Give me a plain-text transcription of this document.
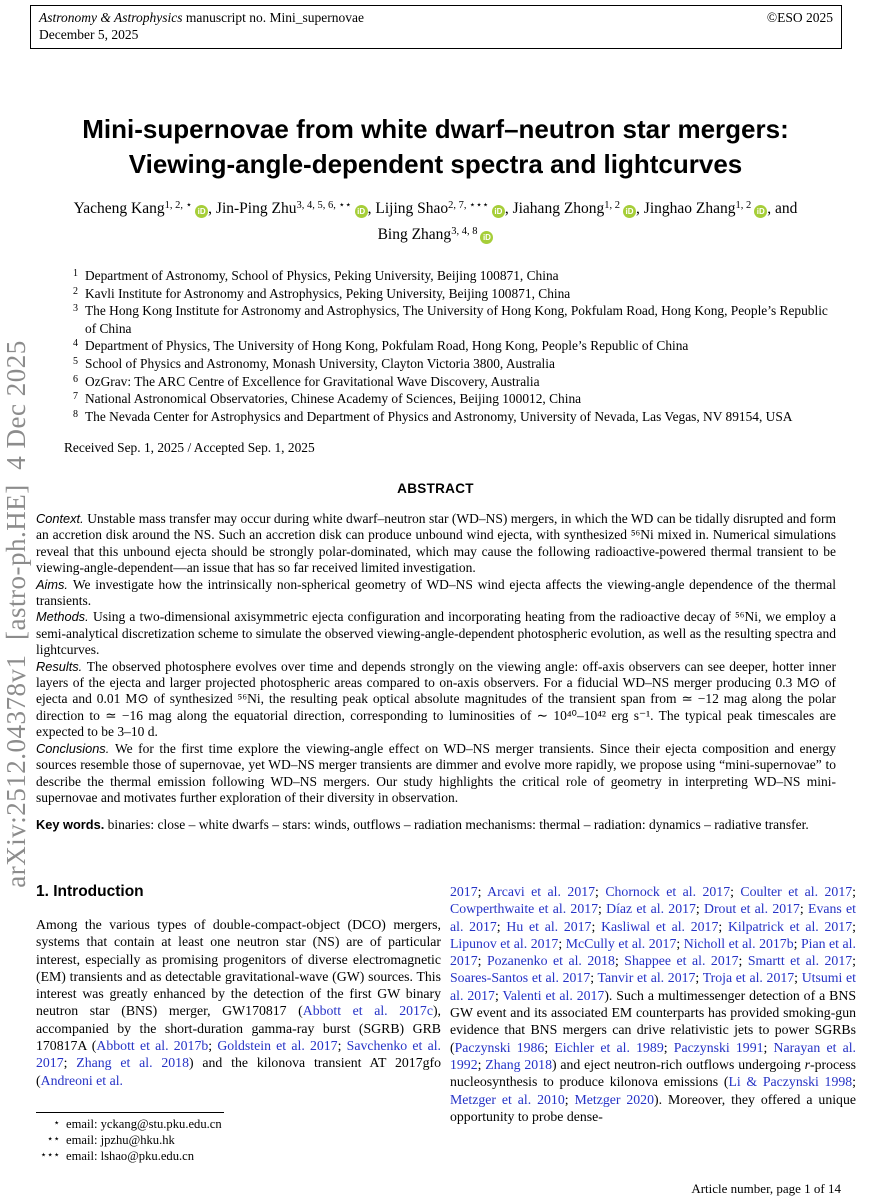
Astronomy & Astrophysics manuscript no. Mini_supernovae	©ESO 2025
December 5, 2025
arXiv:2512.04378v1  [astro-ph.HE]  4 Dec 2025
Mini-supernovae from white dwarf–neutron star mergers:
Viewing-angle-dependent spectra and lightcurves
Yacheng Kang$^{1, 2, ⋆}$iD , Jin-Ping Zhu$^{3, 4, 5, 6, ⋆⋆}$iD , Lijing Shao$^{2, 7, ⋆⋆⋆}$iD , Jiahang Zhong$^{1, 2}$iD , Jinghao Zhang$^{1, 2}$iD , and
Bing Zhang$^{3, 4, 8}$iD
1 Department of Astronomy, School of Physics, Peking University, Beijing 100871, China
2 Kavli Institute for Astronomy and Astrophysics, Peking University, Beijing 100871, China
3 The Hong Kong Institute for Astronomy and Astrophysics, The University of Hong Kong, Pokfulam Road, Hong Kong, People’s Republic of China
4 Department of Physics, The University of Hong Kong, Pokfulam Road, Hong Kong, People’s Republic of China
5 School of Physics and Astronomy, Monash University, Clayton Victoria 3800, Australia
6 OzGrav: The ARC Centre of Excellence for Gravitational Wave Discovery, Australia
7 National Astronomical Observatories, Chinese Academy of Sciences, Beijing 100012, China
8 The Nevada Center for Astrophysics and Department of Physics and Astronomy, University of Nevada, Las Vegas, NV 89154, USA
Received Sep. 1, 2025 / Accepted Sep. 1, 2025
ABSTRACT
Context. Unstable mass transfer may occur during white dwarf–neutron star (WD–NS) mergers, in which the WD can be tidally disrupted and form an accretion disk around the NS. Such an accretion disk can produce unbound wind ejecta, with synthesized ⁵⁶Ni mixed in. Numerical simulations reveal that this unbound ejecta should be strongly polar-dominated, which may cause the following radioactive-powered thermal transient to be viewing-angle-dependent—an issue that has so far received limited investigation.
Aims. We investigate how the intrinsically non-spherical geometry of WD–NS wind ejecta affects the viewing-angle dependence of the thermal transients.
Methods. Using a two-dimensional axisymmetric ejecta configuration and incorporating heating from the radioactive decay of ⁵⁶Ni, we employ a semi-analytical discretization scheme to simulate the observed viewing-angle-dependent photospheric evolution, as well as the resulting spectra and lightcurves.
Results. The observed photosphere evolves over time and depends strongly on the viewing angle: off-axis observers can see deeper, hotter inner layers of the ejecta and larger projected photospheric areas compared to on-axis observers. For a fiducial WD–NS merger producing 0.3 M⊙ of ejecta and 0.01 M⊙ of synthesized ⁵⁶Ni, the resulting peak optical absolute magnitudes of the transient span from ≃ −12 mag along the polar direction to ≃ −16 mag along the equatorial direction, corresponding to luminosities of ∼ 10⁴⁰–10⁴² erg s⁻¹. The typical peak timescales are expected to be 3–10 d.
Conclusions. We for the first time explore the viewing-angle effect on WD–NS merger transients. Since their ejecta composition and energy sources resemble those of supernovae, yet WD–NS merger transients are dimmer and evolve more rapidly, we propose using “mini-supernovae” to describe the thermal emission following WD–NS mergers. Our study highlights the critical role of geometry in interpreting WD–NS mini-supernovae and motivates further exploration of their diversity in observation.
Key words. binaries: close – white dwarfs – stars: winds, outflows – radiation mechanisms: thermal – radiation: dynamics – radiative transfer.
1. Introduction
Among the various types of double-compact-object (DCO) mergers, systems that contain at least one neutron star (NS) are of particular interest, especially as promising progenitors of diverse electromagnetic (EM) transients and as detectable gravitational-wave (GW) sources. This interest was greatly enhanced by the detection of the first GW binary neutron star (BNS) merger, GW170817 (Abbott et al. 2017c), accompanied by the short-duration gamma-ray burst (SGRB) GRB 170817A (Abbott et al. 2017b; Goldstein et al. 2017; Savchenko et al. 2017; Zhang et al. 2018) and the kilonova transient AT 2017gfo (Andreoni et al.
2017; Arcavi et al. 2017; Chornock et al. 2017; Coulter et al. 2017; Cowperthwaite et al. 2017; Díaz et al. 2017; Drout et al. 2017; Evans et al. 2017; Hu et al. 2017; Kasliwal et al. 2017; Kilpatrick et al. 2017; Lipunov et al. 2017; McCully et al. 2017; Nicholl et al. 2017b; Pian et al. 2017; Pozanenko et al. 2018; Shappee et al. 2017; Smartt et al. 2017; Soares-Santos et al. 2017; Tanvir et al. 2017; Troja et al. 2017; Utsumi et al. 2017; Valenti et al. 2017). Such a multimessenger detection of a BNS GW event and its associated EM counterparts has provided smoking-gun evidence that BNS mergers can drive relativistic jets to power SGRBs (Paczynski 1986; Eichler et al. 1989; Paczynski 1991; Narayan et al. 1992; Zhang 2018) and eject neutron-rich outflows undergoing r-process nucleosynthesis to produce kilonova emissions (Li & Paczynski 1998; Metzger et al. 2010; Metzger 2020). Moreover, they offered a unique opportunity to probe dense-
⋆ email: yckang@stu.pku.edu.cn
⋆⋆ email: jpzhu@hku.hk
⋆⋆⋆ email: lshao@pku.edu.cn
Article number, page 1 of 14
